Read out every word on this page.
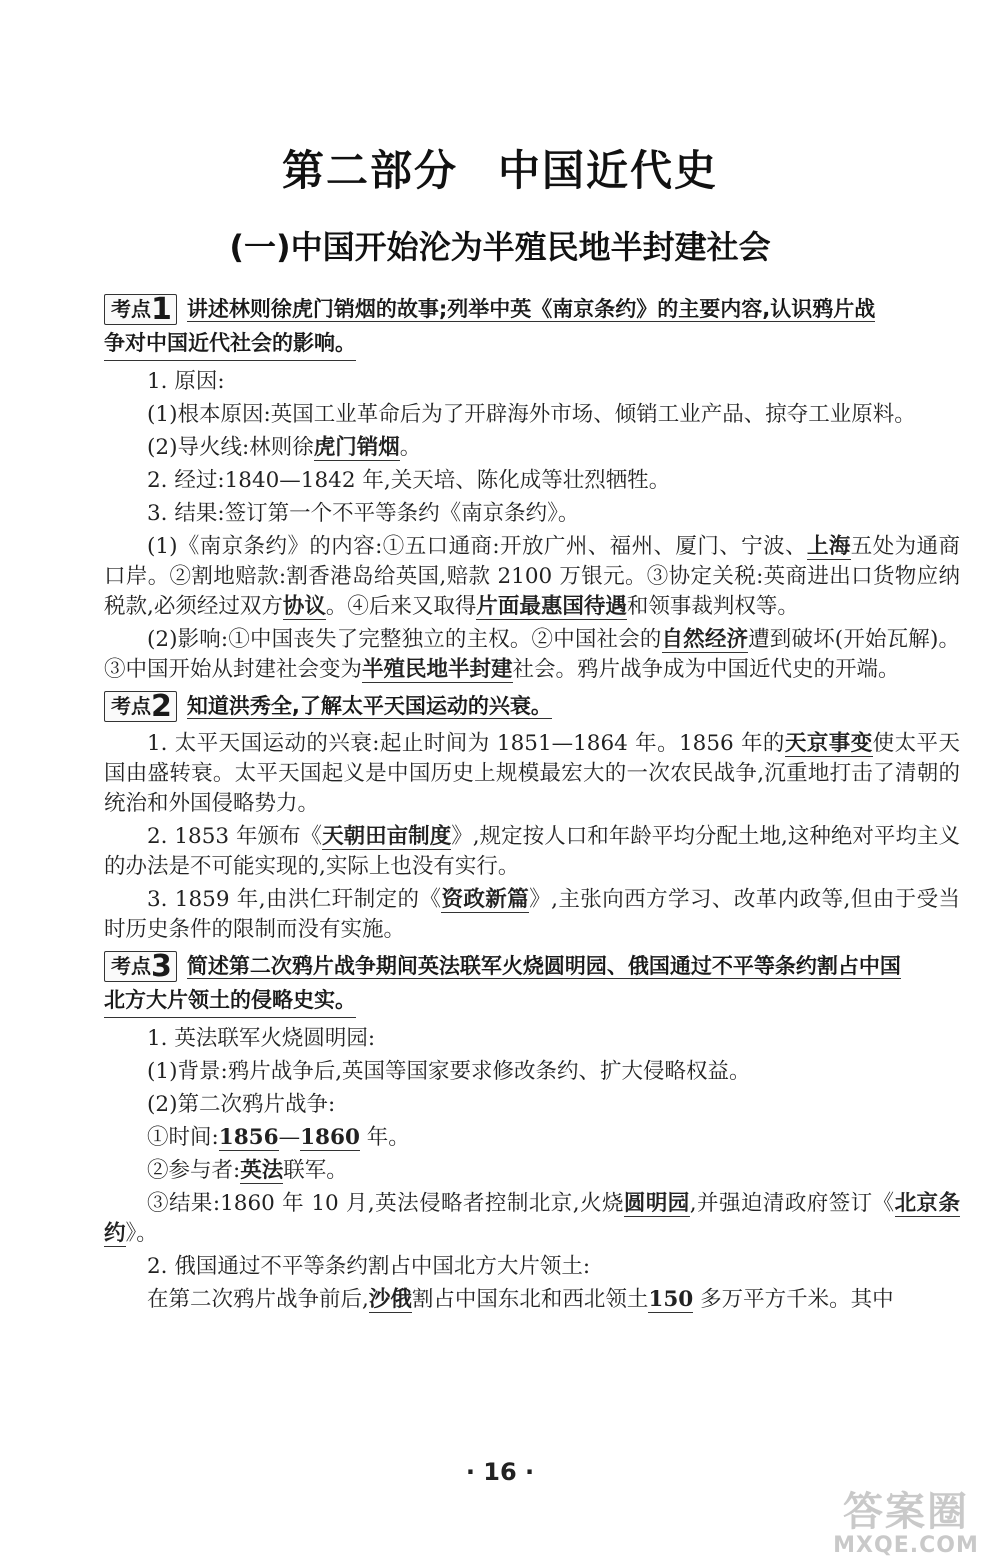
第二部分 中国近代史
(一)中国开始沦为半殖民地半封建社会
考点1 讲述林则徐虎门销烟的故事;列举中英《南京条约》的主要内容,认识鸦片战
争对中国近代社会的影响。

1. 原因:

(1)根本原因:英国工业革命后为了开辟海外市场、倾销工业产品、掠夺工业原料。

(2)导火线:林则徐虎门销烟。

2. 经过:1840—1842 年,关天培、陈化成等壮烈牺牲。

3. 结果:签订第一个不平等条约《南京条约》。

(1)《南京条约》的内容:①五口通商:开放广州、福州、厦门、宁波、上海五处为通商口岸。②割地赔款:割香港岛给英国,赔款 2100 万银元。③协定关税:英商进出口货物应纳税款,必须经过双方协议。④后来又取得片面最惠国待遇和领事裁判权等。

(2)影响:①中国丧失了完整独立的主权。②中国社会的自然经济遭到破坏(开始瓦解)。③中国开始从封建社会变为半殖民地半封建社会。鸦片战争成为中国近代史的开端。

考点2 知道洪秀全,了解太平天国运动的兴衰。

1. 太平天国运动的兴衰:起止时间为 1851—1864 年。1856 年的天京事变使太平天国由盛转衰。太平天国起义是中国历史上规模最宏大的一次农民战争,沉重地打击了清朝的统治和外国侵略势力。

2. 1853 年颁布《天朝田亩制度》,规定按人口和年龄平均分配土地,这种绝对平均主义的办法是不可能实现的,实际上也没有实行。

3. 1859 年,由洪仁玕制定的《资政新篇》,主张向西方学习、改革内政等,但由于受当时历史条件的限制而没有实施。

考点3 简述第二次鸦片战争期间英法联军火烧圆明园、俄国通过不平等条约割占中国
北方大片领土的侵略史实。

1. 英法联军火烧圆明园:

(1)背景:鸦片战争后,英国等国家要求修改条约、扩大侵略权益。

(2)第二次鸦片战争:

①时间:1856—1860 年。

②参与者:英法联军。

③结果:1860 年 10 月,英法侵略者控制北京,火烧圆明园,并强迫清政府签订《北京条约》。

2. 俄国通过不平等条约割占中国北方大片领土:

在第二次鸦片战争前后,沙俄割占中国东北和西北领土150 多万平方千米。其中

· 16 ·
答案圈
MXQE.COM
